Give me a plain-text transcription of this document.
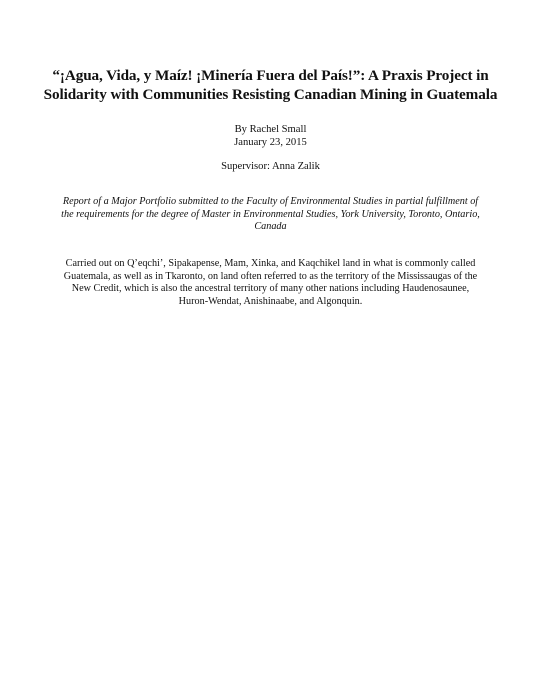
“¡Agua, Vida, y Maíz! ¡Minería Fuera del País!”: A Praxis Project in
Solidarity with Communities Resisting Canadian Mining in Guatemala
By Rachel Small
January 23, 2015
Supervisor: Anna Zalik
Report of a Major Portfolio submitted to the Faculty of Environmental Studies in partial fulfillment of
the requirements for the degree of Master in Environmental Studies, York University, Toronto, Ontario,
Canada
Carried out on Q’eqchi’, Sipakapense, Mam, Xinka, and Kaqchikel land in what is commonly called
Guatemala, as well as in Tkaronto, on land often referred to as the territory of the Mississaugas of the
New Credit, which is also the ancestral territory of many other nations including Haudenosaunee,
Huron-Wendat, Anishinaabe, and Algonquin.
